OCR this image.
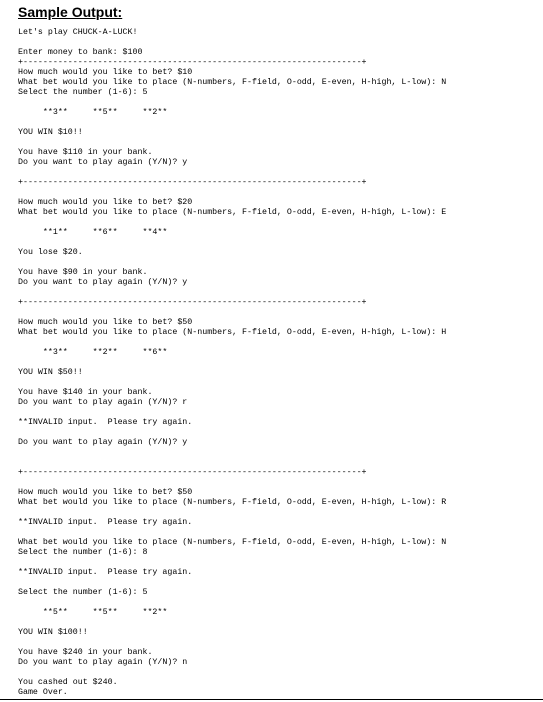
Sample Output:
Let's play CHUCK-A-LUCK!
Enter money to bank: $100
+--------------------------------------------------------------------+
How much would you like to bet? $10
What bet would you like to place (N-numbers, F-field, O-odd, E-even, H-high, L-low): N
Select the number (1-6): 5
**3**     **5**     **2**
YOU WIN $10!!
You have $110 in your bank.
Do you want to play again (Y/N)? y
+--------------------------------------------------------------------+
How much would you like to bet? $20
What bet would you like to place (N-numbers, F-field, O-odd, E-even, H-high, L-low): E
**1**     **6**     **4**
You lose $20.
You have $90 in your bank.
Do you want to play again (Y/N)? y
+--------------------------------------------------------------------+
How much would you like to bet? $50
What bet would you like to place (N-numbers, F-field, O-odd, E-even, H-high, L-low): H
**3**     **2**     **6**
YOU WIN $50!!
You have $140 in your bank.
Do you want to play again (Y/N)? r
**INVALID input.  Please try again.
Do you want to play again (Y/N)? y
+--------------------------------------------------------------------+
How much would you like to bet? $50
What bet would you like to place (N-numbers, F-field, O-odd, E-even, H-high, L-low): R
**INVALID input.  Please try again.
What bet would you like to place (N-numbers, F-field, O-odd, E-even, H-high, L-low): N
Select the number (1-6): 8
**INVALID input.  Please try again.
Select the number (1-6): 5
**5**     **5**     **2**
YOU WIN $100!!
You have $240 in your bank.
Do you want to play again (Y/N)? n
You cashed out $240.
Game Over.
